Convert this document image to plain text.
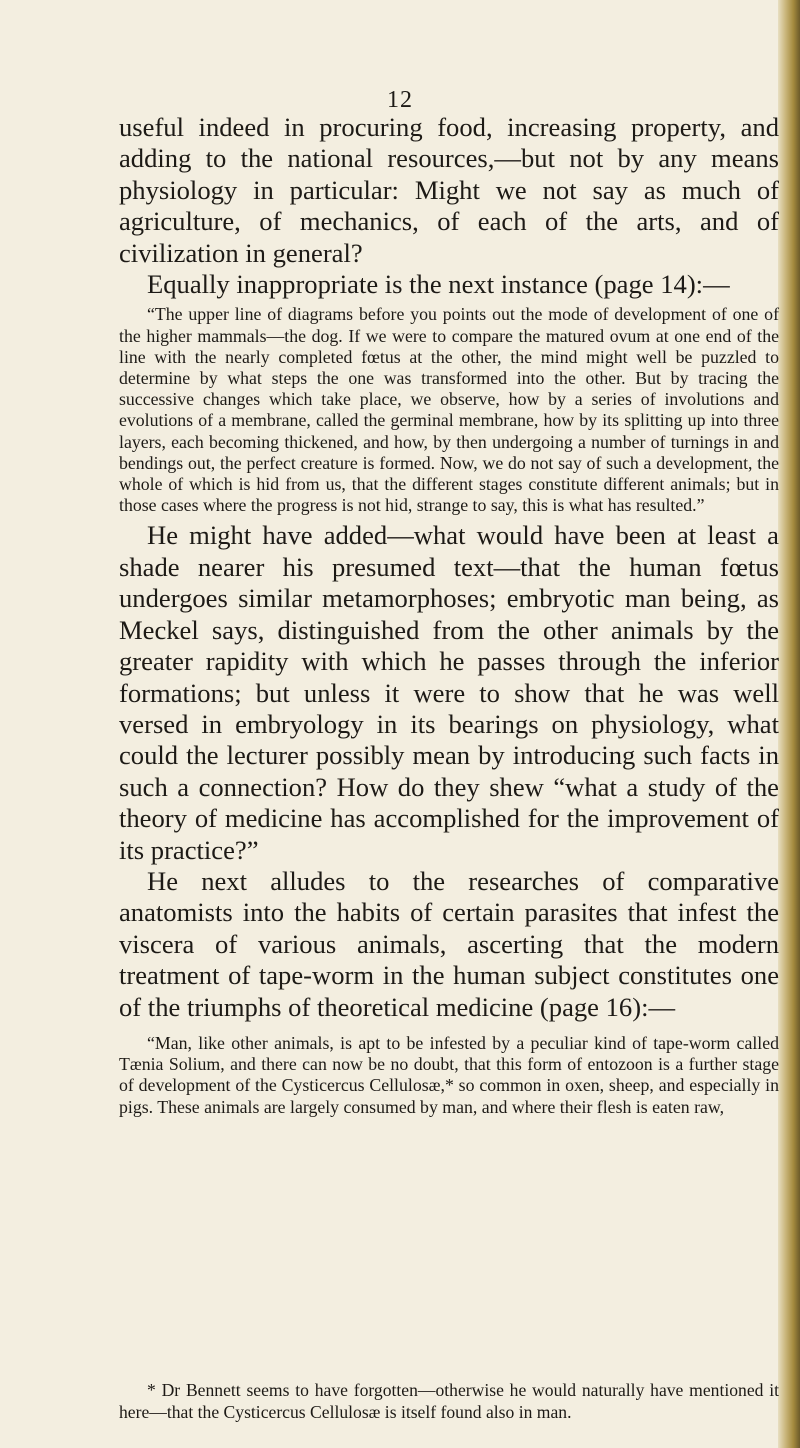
12

useful indeed in procuring food, increasing property, and adding to the national resources,—but not by any means physiology in particular: Might we not say as much of agriculture, of mechanics, of each of the arts, and of civilization in general?

Equally inappropriate is the next instance (page 14):—

“The upper line of diagrams before you points out the mode of development of one of the higher mammals—the dog. If we were to compare the matured ovum at one end of the line with the nearly completed fœtus at the other, the mind might well be puzzled to determine by what steps the one was transformed into the other. But by tracing the successive changes which take place, we observe, how by a series of involutions and evolutions of a membrane, called the germinal membrane, how by its splitting up into three layers, each becoming thickened, and how, by then undergoing a number of turnings in and bendings out, the perfect creature is formed. Now, we do not say of such a development, the whole of which is hid from us, that the different stages constitute different animals; but in those cases where the progress is not hid, strange to say, this is what has resulted.”

He might have added—what would have been at least a shade nearer his presumed text—that the human fœtus undergoes similar metamorphoses; embryotic man being, as Meckel says, distinguished from the other animals by the greater rapidity with which he passes through the inferior formations; but unless it were to show that he was well versed in embryology in its bearings on physiology, what could the lecturer possibly mean by introducing such facts in such a connection? How do they shew “what a study of the theory of medicine has accomplished for the improvement of its practice?”

He next alludes to the researches of comparative anatomists into the habits of certain parasites that infest the viscera of various animals, ascerting that the modern treatment of tape-worm in the human subject constitutes one of the triumphs of theoretical medicine (page 16):—

“Man, like other animals, is apt to be infested by a peculiar kind of tape-worm called Tænia Solium, and there can now be no doubt, that this form of entozoon is a further stage of development of the Cysticercus Cellulosæ,* so common in oxen, sheep, and especially in pigs. These animals are largely consumed by man, and where their flesh is eaten raw,

* Dr Bennett seems to have forgotten—otherwise he would naturally have mentioned it here—that the Cysticercus Cellulosæ is itself found also in man.
